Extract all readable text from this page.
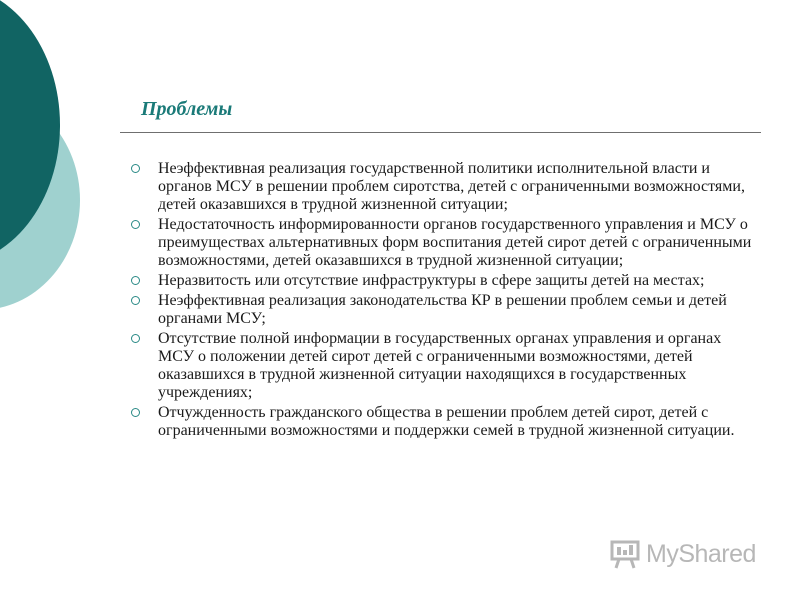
Проблемы
Неэффективная реализация государственной политики исполнительной власти и органов МСУ в решении проблем сиротства, детей с ограниченными возможностями, детей оказавшихся в трудной жизненной ситуации;
Недостаточность информированности органов государственного управления и МСУ о преимуществах альтернативных форм воспитания детей сирот детей с ограниченными возможностями, детей оказавшихся в трудной жизненной ситуации;
Неразвитость или отсутствие инфраструктуры в сфере защиты детей на местах;
Неэффективная реализация законодательства КР в решении проблем семьи и детей органами МСУ;
Отсутствие полной информации в государственных органах управления и органах МСУ о положении детей сирот детей с ограниченными возможностями, детей оказавшихся в трудной жизненной ситуации находящихся в государственных учреждениях;
Отчужденность гражданского общества в решении проблем детей сирот, детей с ограниченными возможностями и поддержки семей в трудной жизненной ситуации.
MyShared
